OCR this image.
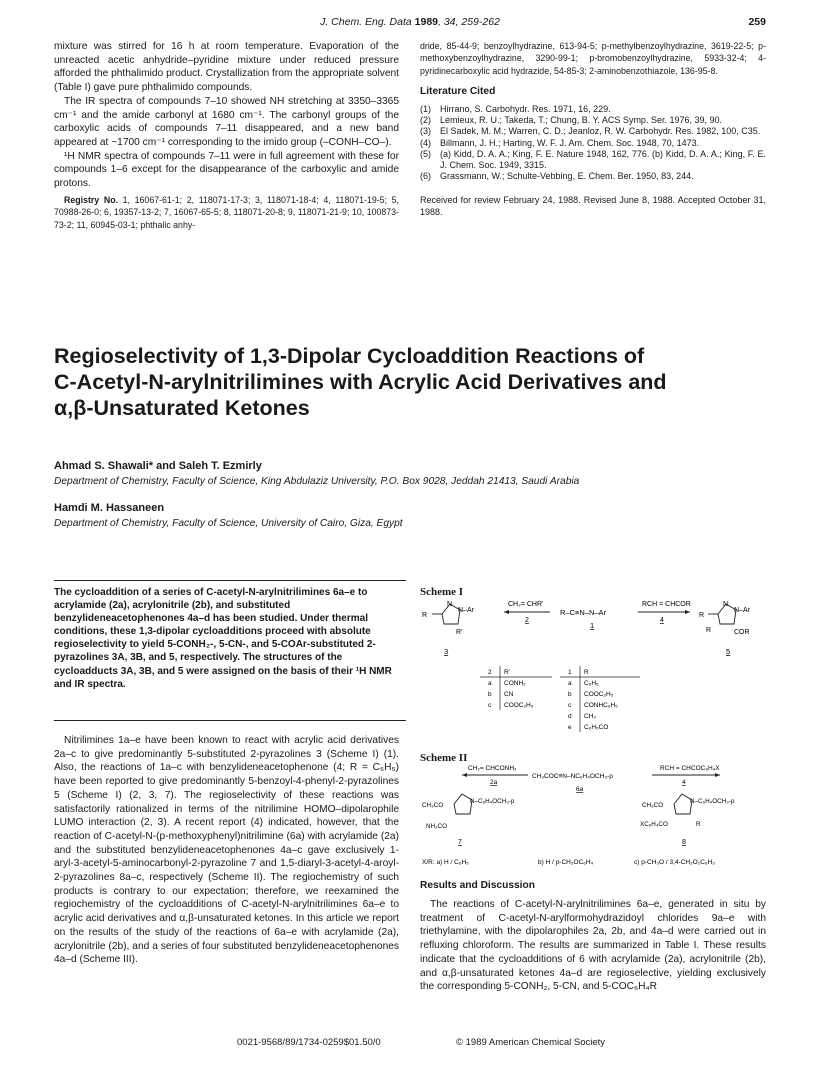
J. Chem. Eng. Data 1989, 34, 259-262	259

mixture was stirred for 16 h at room temperature. Evaporation of the unreacted acetic anhydride–pyridine mixture under reduced pressure afforded the phthalimido product. Crystallization from the appropriate solvent (Table I) gave pure phthalimido compounds.

The IR spectra of compounds 7–10 showed NH stretching at 3350–3365 cm⁻¹ and the amide carbonyl at 1680 cm⁻¹. The carbonyl groups of the carboxylic acids of compounds 7–11 disappeared, and a new band appeared at ~1700 cm⁻¹ corresponding to the imido group (–CONH–CO–).

¹H NMR spectra of compounds 7–11 were in full agreement with these for compounds 1–6 except for the disappearance of the carboxylic and amide protons.

Registry No. 1, 16067-61-1; 2, 118071-17-3; 3, 118071-18-4; 4, 118071-19-5; 5, 70988-26-0; 6, 19357-13-2; 7, 16067-65-5; 8, 118071-20-8; 9, 118071-21-9; 10, 100873-73-2; 11, 60945-03-1; phthalic anhy-

dride, 85-44-9; benzoylhydrazine, 613-94-5; p-methylbenzoylhydrazine, 3619-22-5; p-methoxybenzoylhydrazine, 3290-99-1; p-bromobenzoylhydrazine, 5933-32-4; 4-pyridinecarboxylic acid hydrazide, 54-85-3; 2-aminobenzothiazole, 136-95-8.

Literature Cited
(1)	Hirrano, S. Carbohydr. Res. 1971, 16, 229.
(2)	Lemieux, R. U.; Takeda, T.; Chung, B. Y. ACS Symp. Ser. 1976, 39, 90.
(3)	El Sadek, M. M.; Warren, C. D.; Jeanloz, R. W. Carbohydr. Res. 1982, 100, C35.
(4)	Billmann, J. H.; Harting, W. F. J. Am. Chem. Soc. 1948, 70, 1473.
(5)	(a) Kidd, D. A. A.; King, F. E. Nature 1948, 162, 776. (b) Kidd, D. A. A.; King, F. E. J. Chem. Soc. 1949, 3315.
(6)	Grassmann, W.; Schulte-Vebbing, E. Chem. Ber. 1950, 83, 244.

Received for review February 24, 1988. Revised June 8, 1988. Accepted October 31, 1988.

Regioselectivity of 1,3-Dipolar Cycloaddition Reactions of
C-Acetyl-N-arylnitrilimines with Acrylic Acid Derivatives and
α,β-Unsaturated Ketones
Ahmad S. Shawali* and Saleh T. Ezmirly
Department of Chemistry, Faculty of Science, King Abdulaziz University, P.O. Box 9028, Jeddah 21413, Saudi Arabia
Hamdi M. Hassaneen
Department of Chemistry, Faculty of Science, University of Cairo, Giza, Egypt
The cycloaddition of a series of C-acetyl-N-arylnitrilimines 6a–e to acrylamide (2a), acrylonitrile (2b), and substituted benzylideneacetophenones 4a–d has been studied. Under thermal conditions, these 1,3-dipolar cycloadditions proceed with absolute regioselectivity to yield 5-CONH₂-, 5-CN-, and 5-COAr-substituted 2-pyrazolines 3A, 3B, and 5, respectively. The structures of the cycloadducts 3A, 3B, and 5 were assigned on the basis of their ¹H NMR and IR spectra.

Nitrilimines 1a–e have been known to react with acrylic acid derivatives 2a–c to give predominantly 5-substituted 2-pyrazolines 3 (Scheme I) (1). Also, the reactions of 1a–c with benzylideneacetophenone (4; R = C₆H₅) have been reported to give predominantly 5-benzoyl-4-phenyl-2-pyrazolines 5 (Scheme I) (2, 3, 7). The regioselectivity of these reactions was satisfactorily rationalized in terms of the nitrilimine HOMO–dipolarophile LUMO interaction (2, 3). A recent report (4) indicated, however, that the reaction of C-acetyl-N-(p-methoxyphenyl)nitrilimine (6a) with acrylamide (2a) and the substituted benzylideneacetophenones 4a–c gave exclusively 1-aryl-3-acetyl-5-aminocarbonyl-2-pyrazoline 7 and 1,5-diaryl-3-acetyl-4-aroyl-2-pyrazolines 8a–c, respectively (Scheme II). The regiochemistry of such products is contrary to our expectation; therefore, we reexamined the regiochemistry of the cycloadditions of C-acetyl-N-arylnitrilimines 6a–e to acrylic acid derivatives and α,β-unsaturated ketones. In this article we report on the results of the study of the reactions of 6a–e with acrylamide (2a), acrylonitrile (2b), and a series of four substituted benzylideneacetophenones 4a–d (Scheme III).

Scheme I
R
N
N–Ar
R'
3
CH₂= CHR'
2
R–C≡N–N–Ar
1
RCH = CHCOR
4
R
N
N–Ar
R	COR
5
2 R'
a CONH₂
b CN
c COOC₂H₅
1 R
a C₆H₅
b COOC₂H₅
c CONHC₆H₅
d CH₃
e C₆H₅CO
Scheme II
CH₂= CHCONH₂
2a
CH₃COC≡N–NC₆H₄OCH₃-p
6a
RCH = CHCOC₆H₄X
4
CH₃CO
N–C₆H₄OCH₃-p
NH₂CO
7
CH₃CO
N–C₆H₄OCH₃-p
XC₆H₄CO	R
8
X/R: a) H / C₆H₅	b) H / p-CH₃OC₆H₄	c) p-CH₃O / 3,4-CH₂O₂C₆H₃
Results and Discussion

The reactions of C-acetyl-N-arylnitrilimines 6a–e, generated in situ by treatment of C-acetyl-N-arylformohydrazidoyl chlorides 9a–e with triethylamine, with the dipolarophiles 2a, 2b, and 4a–d were carried out in refluxing chloroform. The results are summarized in Table I. These results indicate that the cycloadditions of 6 with acrylamide (2a), acrylonitrile (2b), and α,β-unsaturated ketones 4a–d are regioselective, yielding exclusively the corresponding 5-CONH₂, 5-CN, and 5-COC₆H₄R

0021-9568/89/1734-0259$01.50/0	© 1989 American Chemical Society
